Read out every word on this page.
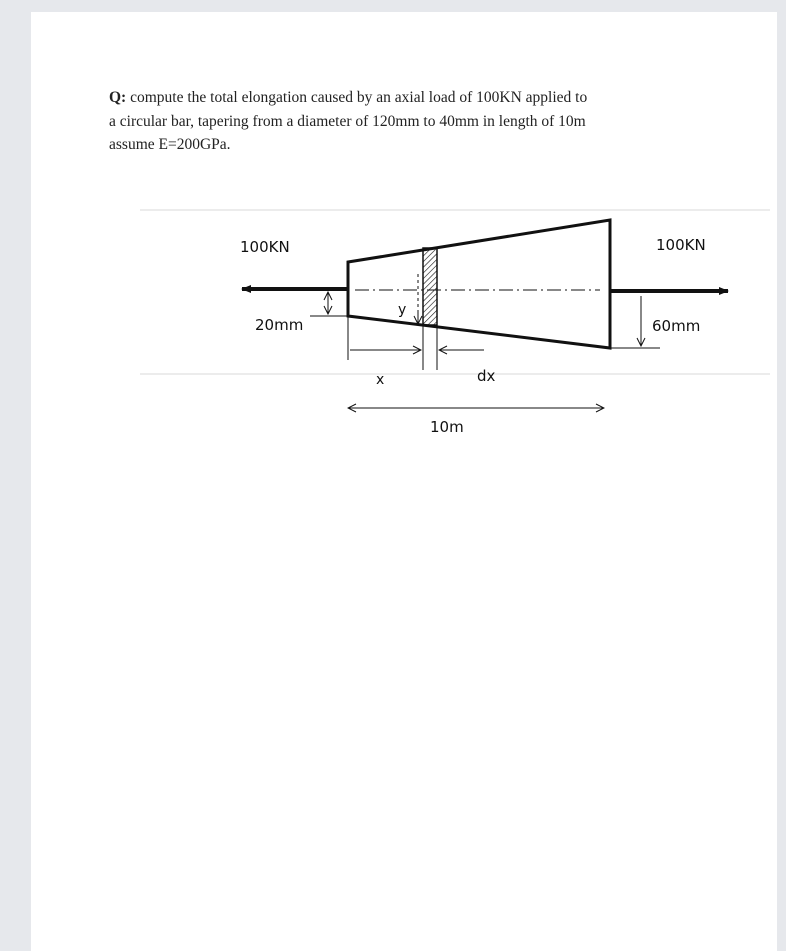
Q: compute the total elongation caused by an axial load of 100KN applied to
a circular bar, tapering from a diameter of 120mm to 40mm in length of 10m
assume E=200GPa.

100KN	100KN
20mm	60mm
y
x	dx
10m
